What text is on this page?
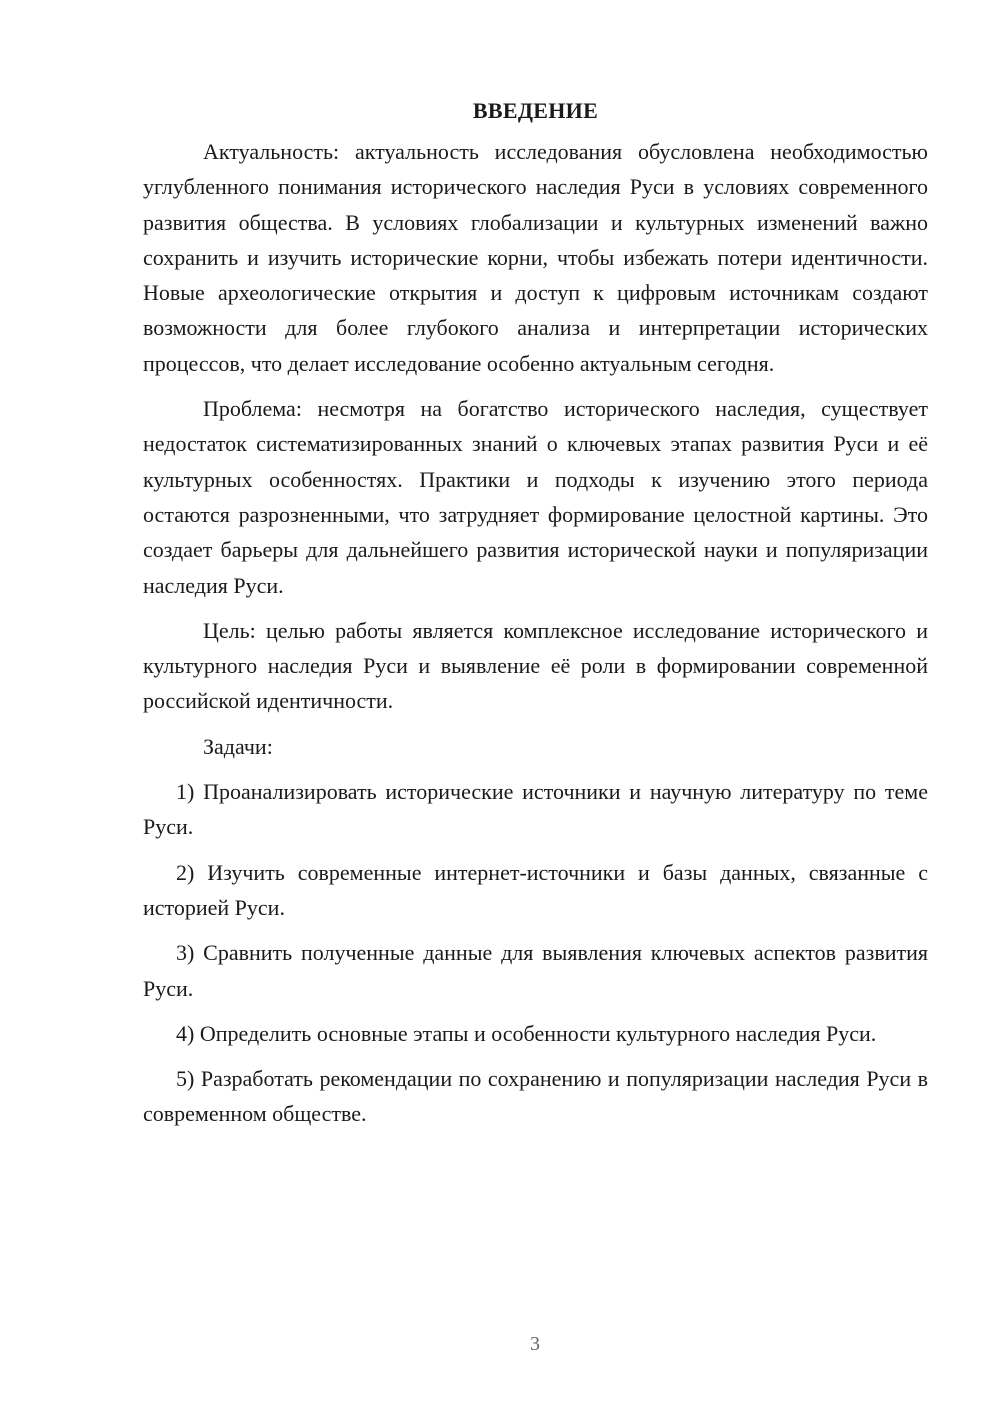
ВВЕДЕНИЕ

Актуальность: актуальность исследования обусловлена необходимостью углубленного понимания исторического наследия Руси в условиях современного развития общества. В условиях глобализации и культурных изменений важно сохранить и изучить исторические корни, чтобы избежать потери идентичности. Новые археологические открытия и доступ к цифровым источникам создают возможности для более глубокого анализа и интерпретации исторических процессов, что делает исследование особенно актуальным сегодня.

Проблема: несмотря на богатство исторического наследия, существует недостаток систематизированных знаний о ключевых этапах развития Руси и её культурных особенностях. Практики и подходы к изучению этого периода остаются разрозненными, что затрудняет формирование целостной картины. Это создает барьеры для дальнейшего развития исторической науки и популяризации наследия Руси.

Цель: целью работы является комплексное исследование исторического и культурного наследия Руси и выявление её роли в формировании современной российской идентичности.

Задачи:

1) Проанализировать исторические источники и научную литературу по теме Руси.

2) Изучить современные интернет-источники и базы данных, связанные с историей Руси.

3) Сравнить полученные данные для выявления ключевых аспектов развития Руси.

4) Определить основные этапы и особенности культурного наследия Руси.

5) Разработать рекомендации по сохранению и популяризации наследия Руси в современном обществе.

3
